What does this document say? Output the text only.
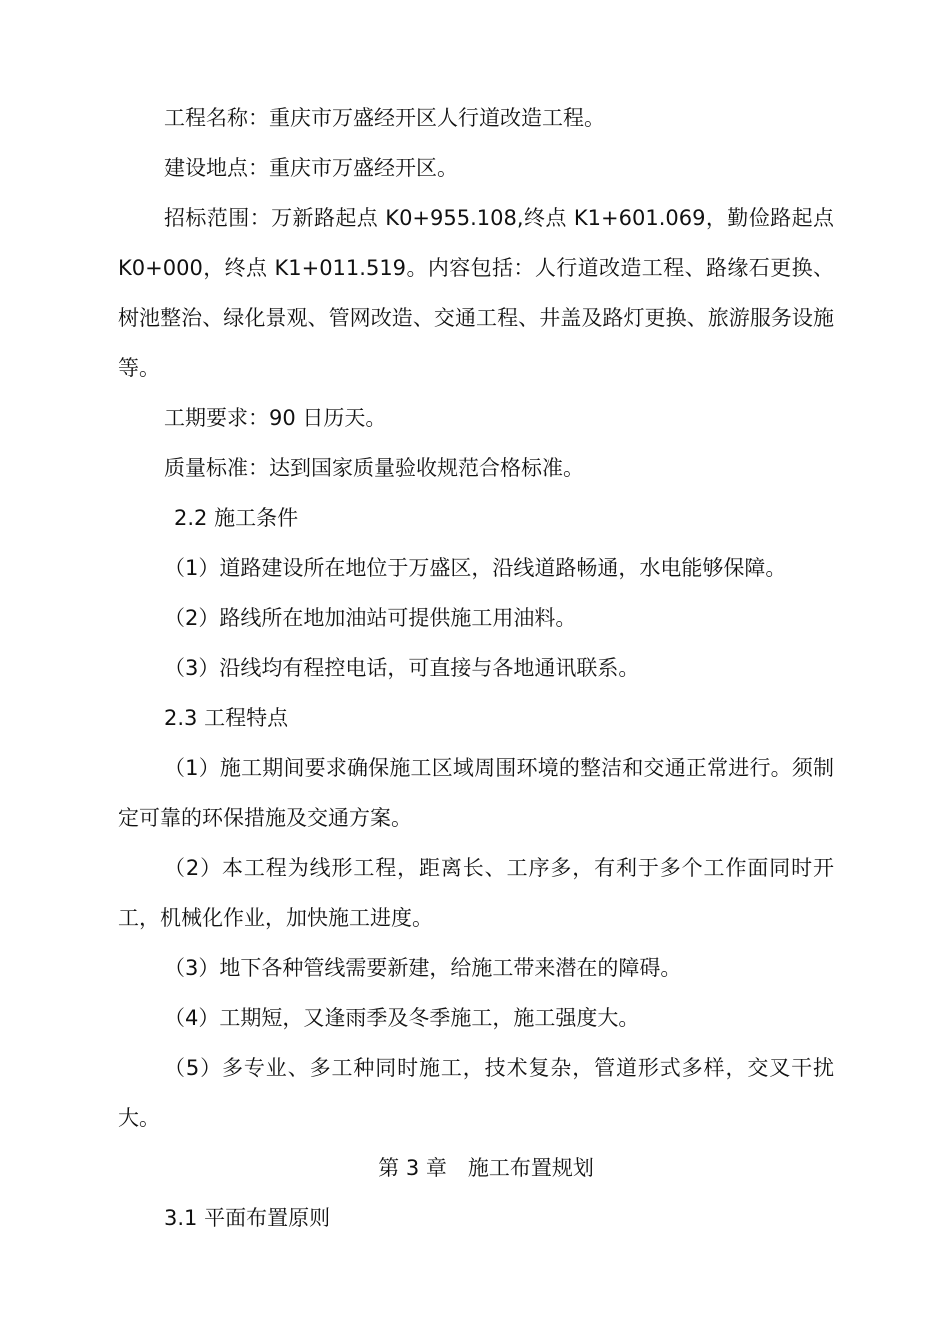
工程名称：重庆市万盛经开区人行道改造工程。

建设地点：重庆市万盛经开区。

招标范围：万新路起点 K0+955.108,终点 K1+601.069，勤俭路起点 K0+000，终点 K1+011.519。内容包括：人行道改造工程、路缘石更换、树池整治、绿化景观、管网改造、交通工程、井盖及路灯更换、旅游服务设施等。

工期要求：90 日历天。

质量标准：达到国家质量验收规范合格标准。

2.2 施工条件

（1）道路建设所在地位于万盛区，沿线道路畅通，水电能够保障。

（2）路线所在地加油站可提供施工用油料。

（3）沿线均有程控电话，可直接与各地通讯联系。

2.3 工程特点

（1）施工期间要求确保施工区域周围环境的整洁和交通正常进行。须制定可靠的环保措施及交通方案。

（2）本工程为线形工程，距离长、工序多，有利于多个工作面同时开工，机械化作业，加快施工进度。

（3）地下各种管线需要新建，给施工带来潜在的障碍。

（4）工期短，又逢雨季及冬季施工，施工强度大。

（5）多专业、多工种同时施工，技术复杂，管道形式多样，交叉干扰大。

第 3 章　施工布置规划

3.1 平面布置原则
